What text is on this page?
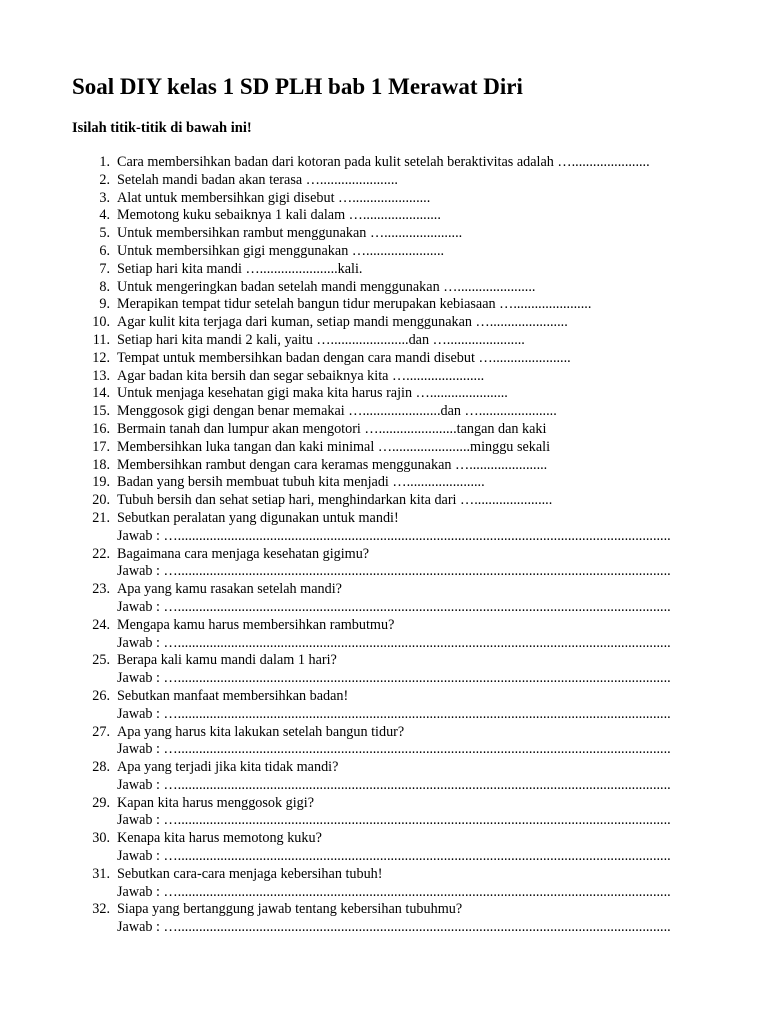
Soal DIY kelas 1 SD PLH bab 1 Merawat Diri

Isilah titik-titik di bawah ini!

1. Cara membersihkan badan dari kotoran pada kulit setelah beraktivitas adalah …......................
2. Setelah mandi badan akan terasa …......................
3. Alat untuk membersihkan gigi disebut …......................
4. Memotong kuku sebaiknya 1 kali dalam …......................
5. Untuk membersihkan rambut menggunakan …......................
6. Untuk membersihkan gigi menggunakan …......................
7. Setiap hari kita mandi …......................kali.
8. Untuk mengeringkan badan setelah mandi menggunakan …......................
9. Merapikan tempat tidur setelah bangun tidur merupakan kebiasaan …......................
10. Agar kulit kita terjaga dari kuman, setiap mandi menggunakan …......................
11. Setiap hari kita mandi 2 kali, yaitu …......................dan …......................
12. Tempat untuk membersihkan badan dengan cara mandi disebut …......................
13. Agar badan kita bersih dan segar sebaiknya kita …......................
14. Untuk menjaga kesehatan gigi maka kita harus rajin …......................
15. Menggosok gigi dengan benar memakai …......................dan …......................
16. Bermain tanah dan lumpur akan mengotori …......................tangan dan kaki
17. Membersihkan luka tangan dan kaki minimal …......................minggu sekali
18. Membersihkan rambut dengan cara keramas menggunakan …......................
19. Badan yang bersih membuat tubuh kita menjadi …......................
20. Tubuh bersih dan sehat setiap hari, menghindarkan kita dari …......................
21. Sebutkan peralatan yang digunakan untuk mandi!
Jawab : …...........................................................................................................................................
22. Bagaimana cara menjaga kesehatan gigimu?
Jawab : …...........................................................................................................................................
23. Apa yang kamu rasakan setelah mandi?
Jawab : …...........................................................................................................................................
24. Mengapa kamu harus membersihkan rambutmu?
Jawab : …...........................................................................................................................................
25. Berapa kali kamu mandi dalam 1 hari?
Jawab : …...........................................................................................................................................
26. Sebutkan manfaat membersihkan badan!
Jawab : …...........................................................................................................................................
27. Apa yang harus kita lakukan setelah bangun tidur?
Jawab : …...........................................................................................................................................
28. Apa yang terjadi jika kita tidak mandi?
Jawab : …...........................................................................................................................................
29. Kapan kita harus menggosok gigi?
Jawab : …...........................................................................................................................................
30. Kenapa kita harus memotong kuku?
Jawab : …...........................................................................................................................................
31. Sebutkan cara-cara menjaga kebersihan tubuh!
Jawab : …...........................................................................................................................................
32. Siapa yang bertanggung jawab tentang kebersihan tubuhmu?
Jawab : …...........................................................................................................................................
